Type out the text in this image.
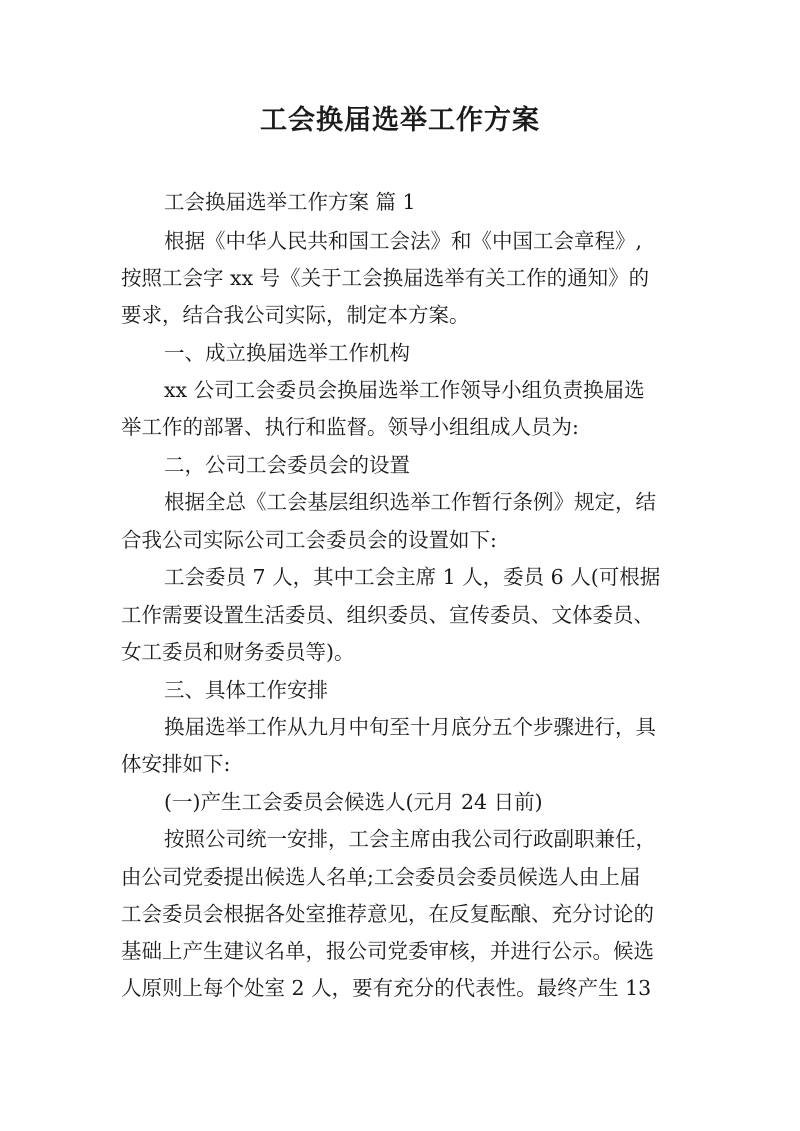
工会换届选举工作方案
工会换届选举工作方案 篇 1
根据《中华人民共和国工会法》和《中国工会章程》,
按照工会字 xx 号《关于工会换届选举有关工作的通知》的
要求，结合我公司实际，制定本方案。
一、成立换届选举工作机构
xx 公司工会委员会换届选举工作领导小组负责换届选
举工作的部署、执行和监督。领导小组组成人员为:
二，公司工会委员会的设置
根据全总《工会基层组织选举工作暂行条例》规定，结
合我公司实际公司工会委员会的设置如下:
工会委员 7 人，其中工会主席 1 人，委员 6 人(可根据
工作需要设置生活委员、组织委员、宣传委员、文体委员、
女工委员和财务委员等)。
三、具体工作安排
换届选举工作从九月中旬至十月底分五个步骤进行，具
体安排如下:
(一)产生工会委员会候选人(元月 24 日前)
按照公司统一安排，工会主席由我公司行政副职兼任，
由公司党委提出候选人名单;工会委员会委员候选人由上届
工会委员会根据各处室推荐意见，在反复酝酿、充分讨论的
基础上产生建议名单，报公司党委审核，并进行公示。候选
人原则上每个处室 2 人，要有充分的代表性。最终产生 13
